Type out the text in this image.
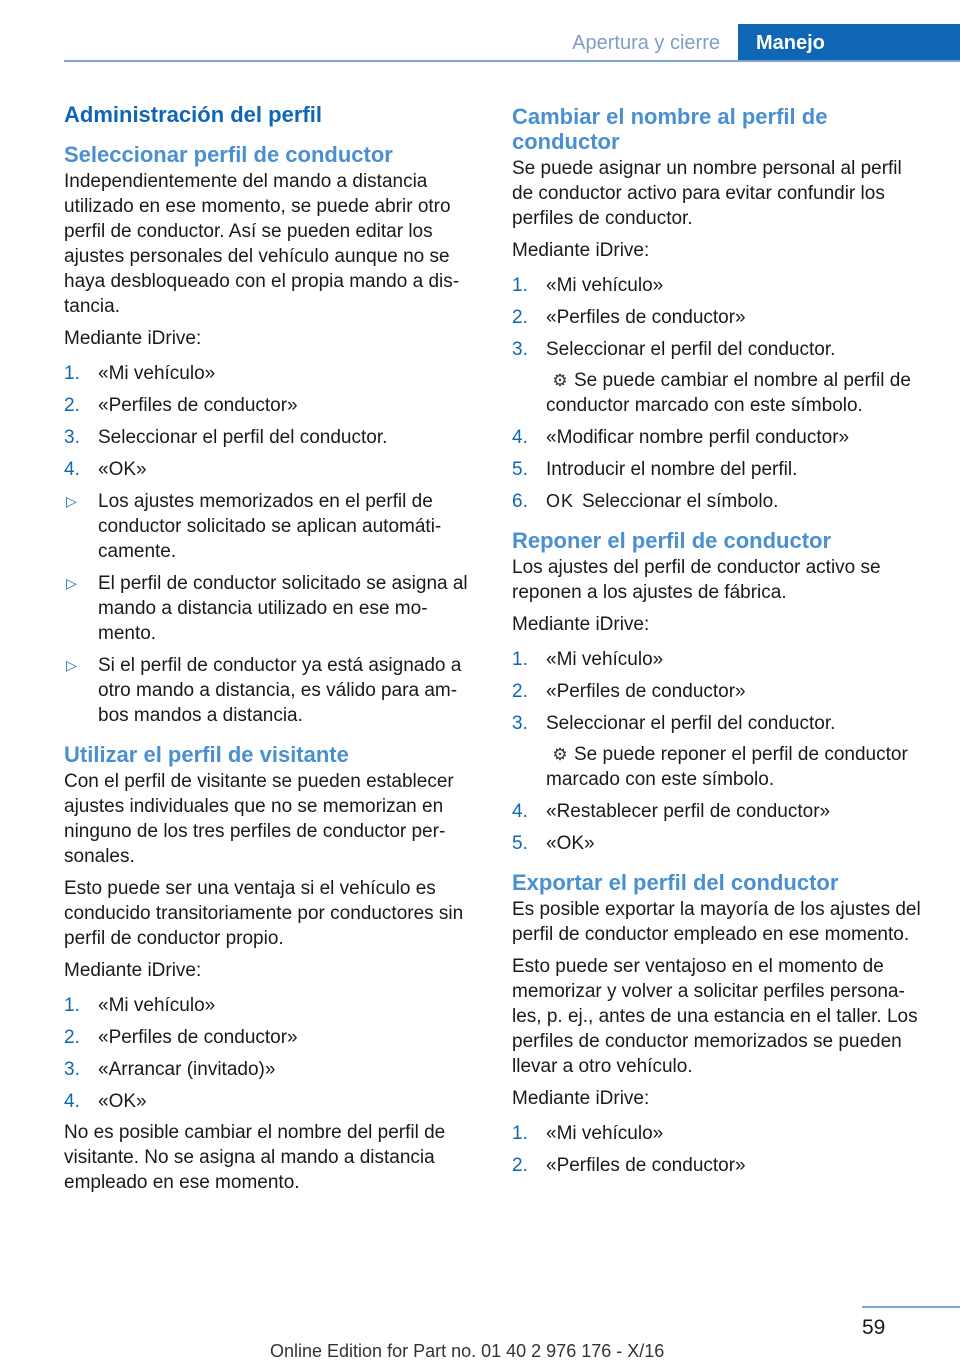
Apertura y cierre	Manejo
Administración del perfil
Seleccionar perfil de conductor

Independientemente del mando a distancia utilizado en ese momento, se puede abrir otro perfil de conductor. Así se pueden editar los ajustes personales del vehículo aunque no se haya desbloqueado con el propia mando a distancia.

Mediante iDrive:

1. «Mi vehículo»
2. «Perfiles de conductor»
3. Seleccionar el perfil del conductor.
4. «OK»
▷ Los ajustes memorizados en el perfil de conductor solicitado se aplican automáticamente.
▷ El perfil de conductor solicitado se asigna al mando a distancia utilizado en ese momento.
▷ Si el perfil de conductor ya está asignado a otro mando a distancia, es válido para ambos mandos a distancia.
Utilizar el perfil de visitante

Con el perfil de visitante se pueden establecer ajustes individuales que no se memorizan en ninguno de los tres perfiles de conductor personales.

Esto puede ser una ventaja si el vehículo es conducido transitoriamente por conductores sin perfil de conductor propio.

Mediante iDrive:

1. «Mi vehículo»
2. «Perfiles de conductor»
3. «Arrancar (invitado)»
4. «OK»

No es posible cambiar el nombre del perfil de visitante. No se asigna al mando a distancia empleado en ese momento.

Cambiar el nombre al perfil de conductor

Se puede asignar un nombre personal al perfil de conductor activo para evitar confundir los perfiles de conductor.

Mediante iDrive:

1. «Mi vehículo»
2. «Perfiles de conductor»
3. Seleccionar el perfil del conductor.
⚙ Se puede cambiar el nombre al perfil de conductor marcado con este símbolo.
4. «Modificar nombre perfil conductor»
5. Introducir el nombre del perfil.
6. OK Seleccionar el símbolo.
Reponer el perfil de conductor

Los ajustes del perfil de conductor activo se reponen a los ajustes de fábrica.

Mediante iDrive:

1. «Mi vehículo»
2. «Perfiles de conductor»
3. Seleccionar el perfil del conductor.
⚙ Se puede reponer el perfil de conductor marcado con este símbolo.
4. «Restablecer perfil de conductor»
5. «OK»
Exportar el perfil del conductor

Es posible exportar la mayoría de los ajustes del perfil de conductor empleado en ese momento.

Esto puede ser ventajoso en el momento de memorizar y volver a solicitar perfiles personales, p. ej., antes de una estancia en el taller. Los perfiles de conductor memorizados se pueden llevar a otro vehículo.

Mediante iDrive:

1. «Mi vehículo»
2. «Perfiles de conductor»
59
Online Edition for Part no. 01 40 2 976 176 - X/16
